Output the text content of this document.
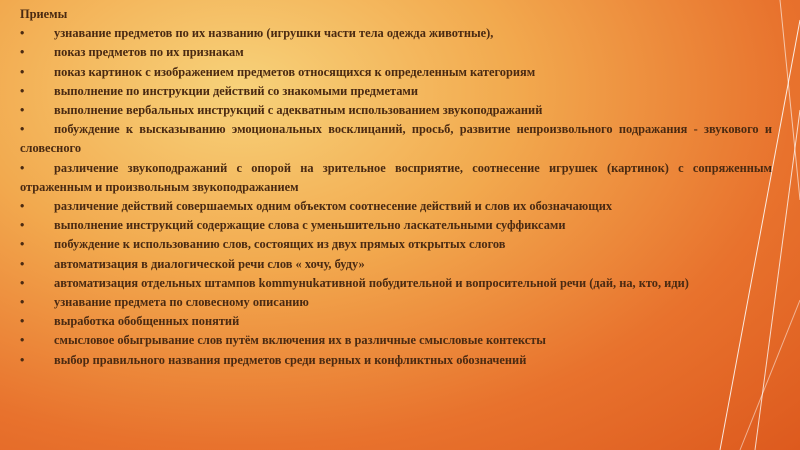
Приемы
• узнавание предметов по их названию (игрушки части тела одежда животные),
• показ предметов по их признакам
• показ картинок с изображением предметов относящихся к определенным категориям
• выполнение по инструкции действий со знакомыми предметами
• выполнение вербальных инструкций с адекватным использованием звукоподражаний
• побуждение к высказыванию эмоциональных восклицаний, просьб, развитие непроизвольного подражания - звукового и словесного
• различение звукоподражаний с опорой на зрительное восприятие, соотнесение игрушек (картинок) с сопряженным отраженным и произвольным звукоподражанием
• различение действий совершаемых одним объектом соотнесение действий и слов их обозначающих
• выполнение инструкций содержащие слова с уменьшительно ласкательными суффиксами
• побуждение к использованию слов, состоящих из двух прямых открытых слогов
• автоматизация в диалогической речи слов « хочу, буду»
• автоматизация отдельных штампов kommунukативной побудительной и вопросительной речи (дай, на, кто, иди)
• узнавание предмета по словесному описанию
• выработка обобщенных понятий
• смысловое обыгрывание слов путём включения их в различные смысловые контексты
• выбор правильного названия предметов среди верных и конфликтных обозначений
